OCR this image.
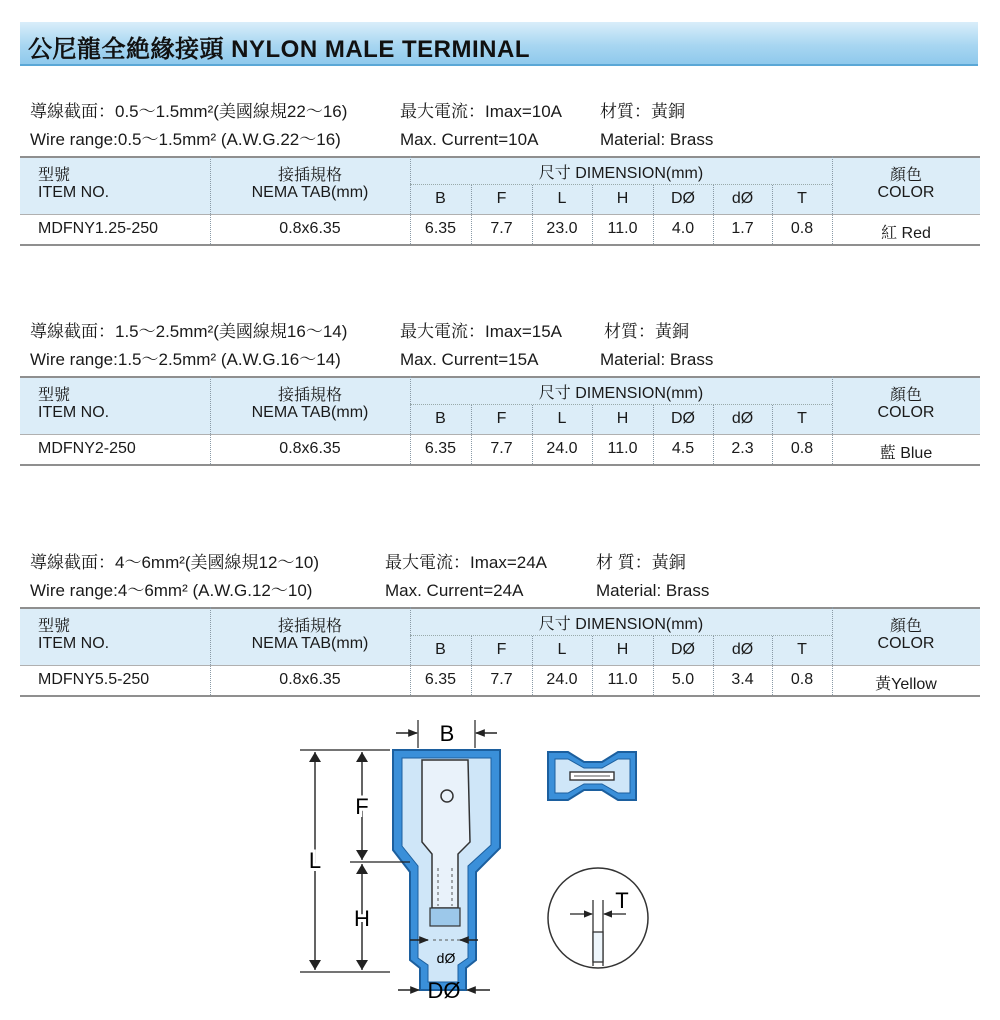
公尼龍全絶緣接頭 NYLON MALE TERMINAL
導線截面：0.5～1.5mm²(美國線規22～16)	最大電流：Imax=10A 材質：黃銅
Wire range:0.5～1.5mm² (A.W.G.22～16)	Max. Current=10A	Material: Brass
型號
ITEM NO.
接插規格
NEMA TAB(mm)
尺寸 DIMENSION(mm)
B	F	L	H	DØ	dØ	T
顏色
COLOR
MDFNY1.25-250	0.8x6.35	6.35	7.7	23.0	11.0	4.0	1.7	0.8	紅 Red
導線截面：1.5～2.5mm²(美國線規16～14)	最大電流：Imax=15A 材質：黃銅
Wire range:1.5～2.5mm² (A.W.G.16～14)	Max. Current=15A	Material: Brass
型號
ITEM NO.
接插規格
NEMA TAB(mm)
尺寸 DIMENSION(mm)
B	F	L	H	DØ	dØ	T
顏色
COLOR
MDFNY2-250	0.8x6.35	6.35	7.7	24.0	11.0	4.5	2.3	0.8	藍 Blue
導線截面：4～6mm²(美國線規12～10)	最大電流：Imax=24A	材 質：黃銅
Wire range:4～6mm² (A.W.G.12～10)	Max. Current=24A	Material: Brass
型號
ITEM NO.
接插規格
NEMA TAB(mm)
尺寸 DIMENSION(mm)
B	F	L	H	DØ	dØ	T
顏色
COLOR
MDFNY5.5-250	0.8x6.35	6.35	7.7	24.0	11.0	5.0	3.4	0.8	黃Yellow
B
dØ
DØ
L
F
H
T
